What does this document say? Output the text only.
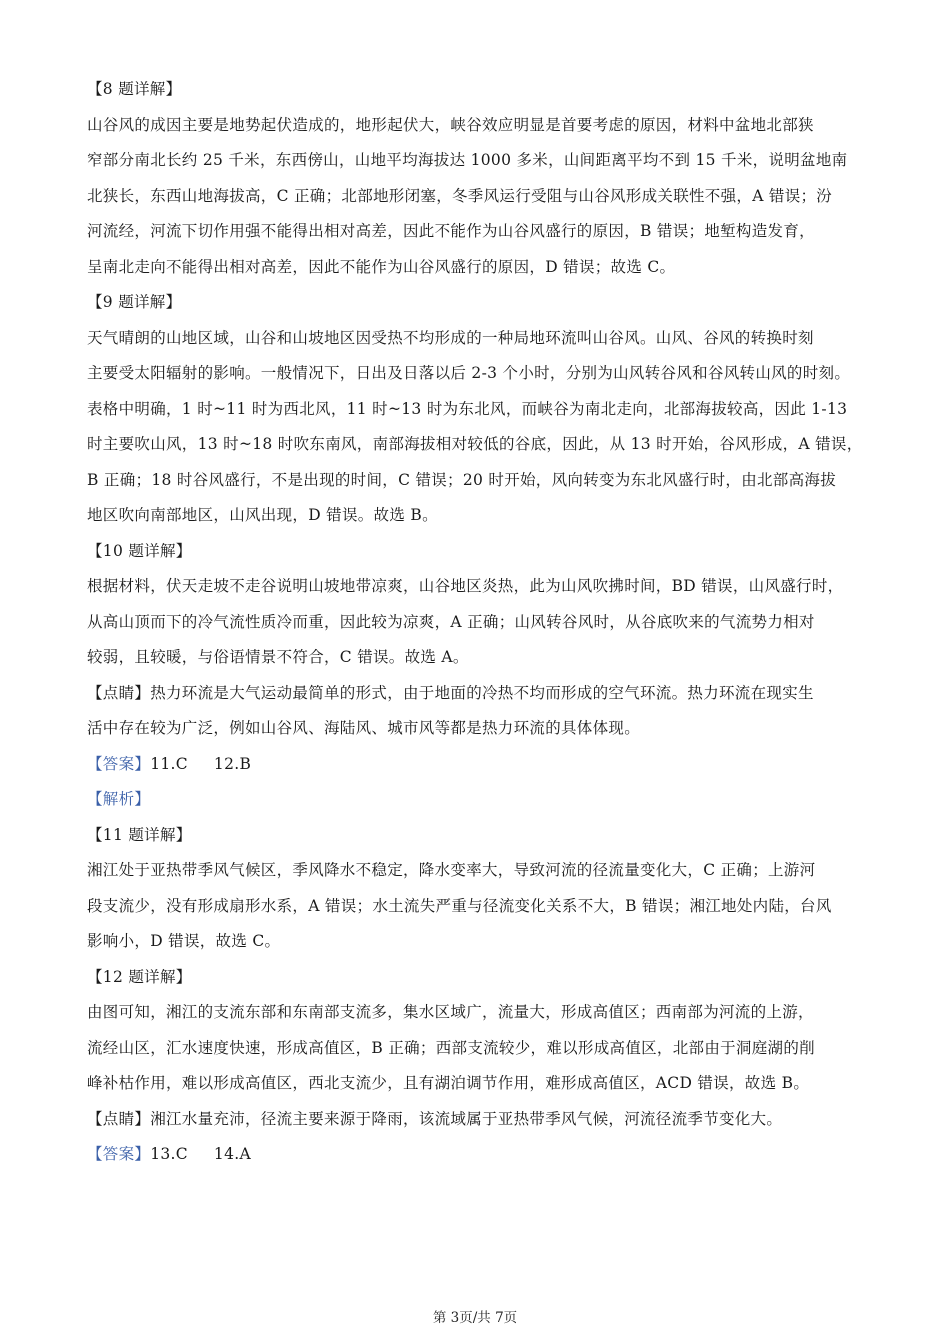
【8 题详解】

山谷风的成因主要是地势起伏造成的，地形起伏大，峡谷效应明显是首要考虑的原因，材料中盆地北部狭

窄部分南北长约 25 千米，东西傍山，山地平均海拔达 1000 多米，山间距离平均不到 15 千米，说明盆地南

北狭长，东西山地海拔高，C 正确；北部地形闭塞，冬季风运行受阻与山谷风形成关联性不强，A 错误；汾

河流经，河流下切作用强不能得出相对高差，因此不能作为山谷风盛行的原因，B 错误；地堑构造发育，

呈南北走向不能得出相对高差，因此不能作为山谷风盛行的原因，D 错误；故选 C。

【9 题详解】

天气晴朗的山地区域，山谷和山坡地区因受热不均形成的一种局地环流叫山谷风。山风、谷风的转换时刻

主要受太阳辐射的影响。一般情况下，日出及日落以后 2-3 个小时，分别为山风转谷风和谷风转山风的时刻。

表格中明确，1 时~11 时为西北风，11 时~13 时为东北风，而峡谷为南北走向，北部海拔较高，因此 1-13

时主要吹山风，13 时~18 时吹东南风，南部海拔相对较低的谷底，因此，从 13 时开始，谷风形成，A 错误，

B 正确；18 时谷风盛行，不是出现的时间，C 错误；20 时开始，风向转变为东北风盛行时，由北部高海拔

地区吹向南部地区，山风出现，D 错误。故选 B。

【10 题详解】

根据材料，伏天走坡不走谷说明山坡地带凉爽，山谷地区炎热，此为山风吹拂时间，BD 错误，山风盛行时，

从高山顶而下的冷气流性质冷而重，因此较为凉爽，A 正确；山风转谷风时，从谷底吹来的气流势力相对

较弱，且较暖，与俗语情景不符合，C 错误。故选 A。

【点睛】热力环流是大气运动最简单的形式，由于地面的冷热不均而形成的空气环流。热力环流在现实生

活中存在较为广泛，例如山谷风、海陆风、城市风等都是热力环流的具体体现。

【答案】11.C 12.B

【解析】

【11 题详解】

湘江处于亚热带季风气候区，季风降水不稳定，降水变率大，导致河流的径流量变化大，C 正确；上游河

段支流少，没有形成扇形水系，A 错误；水土流失严重与径流变化关系不大，B 错误；湘江地处内陆，台风

影响小，D 错误，故选 C。

【12 题详解】

由图可知，湘江的支流东部和东南部支流多，集水区域广，流量大，形成高值区；西南部为河流的上游，

流经山区，汇水速度快速，形成高值区，B 正确；西部支流较少，难以形成高值区，北部由于洞庭湖的削

峰补枯作用，难以形成高值区，西北支流少，且有湖泊调节作用，难形成高值区，ACD 错误，故选 B。

【点睛】湘江水量充沛，径流主要来源于降雨，该流域属于亚热带季风气候，河流径流季节变化大。

【答案】13.C 14.A

第 3页/共 7页
